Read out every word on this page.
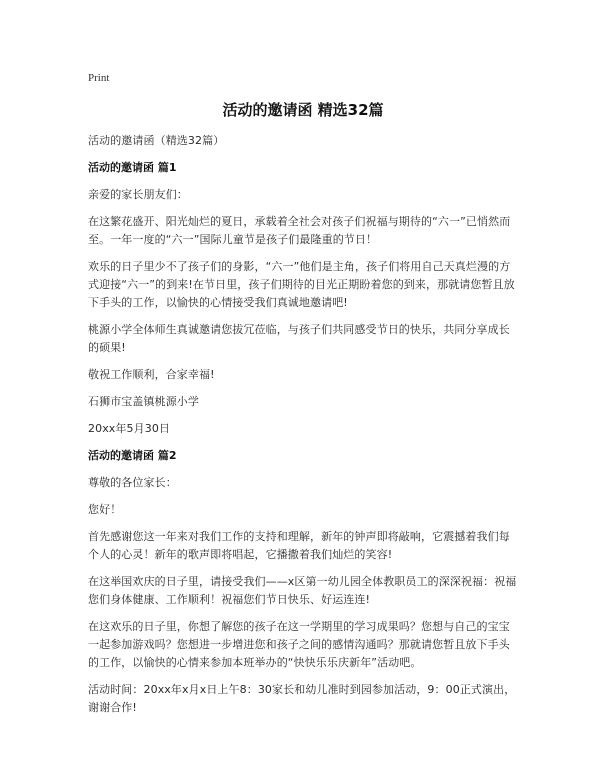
Print
活动的邀请函 精选32篇

活动的邀请函（精选32篇）

活动的邀请函 篇1

亲爱的家长朋友们：

在这繁花盛开、阳光灿烂的夏日，承载着全社会对孩子们祝福与期待的“六一”已悄然而至。一年一度的“六一”国际儿童节是孩子们最隆重的节日！

欢乐的日子里少不了孩子们的身影，“六一”他们是主角，孩子们将用自己天真烂漫的方式迎接“六一”的到来!在节日里，孩子们期待的目光正期盼着您的到来，那就请您暂且放下手头的工作，以愉快的心情接受我们真诚地邀请吧!

桃源小学全体师生真诚邀请您拔冗莅临，与孩子们共同感受节日的快乐，共同分享成长的硕果!

敬祝工作顺利，合家幸福!

石狮市宝盖镇桃源小学

20xx年5月30日

活动的邀请函 篇2

尊敬的各位家长：

您好！

首先感谢您这一年来对我们工作的支持和理解，新年的钟声即将敲响，它震撼着我们每个人的心灵！新年的歌声即将唱起，它播撒着我们灿烂的笑容!

在这举国欢庆的日子里，请接受我们——x区第一幼儿园全体教职员工的深深祝福：祝福您们身体健康、工作顺利！祝福您们节日快乐、好运连连!

在这欢乐的日子里，你想了解您的孩子在这一学期里的学习成果吗？您想与自己的宝宝一起参加游戏吗？您想进一步增进您和孩子之间的感情沟通吗？那就请您暂且放下手头的工作，以愉快的心情来参加本班举办的“快快乐乐庆新年”活动吧。

活动时间：20xx年x月x日上午8：30家长和幼儿准时到园参加活动，9：00正式演出，谢谢合作!
